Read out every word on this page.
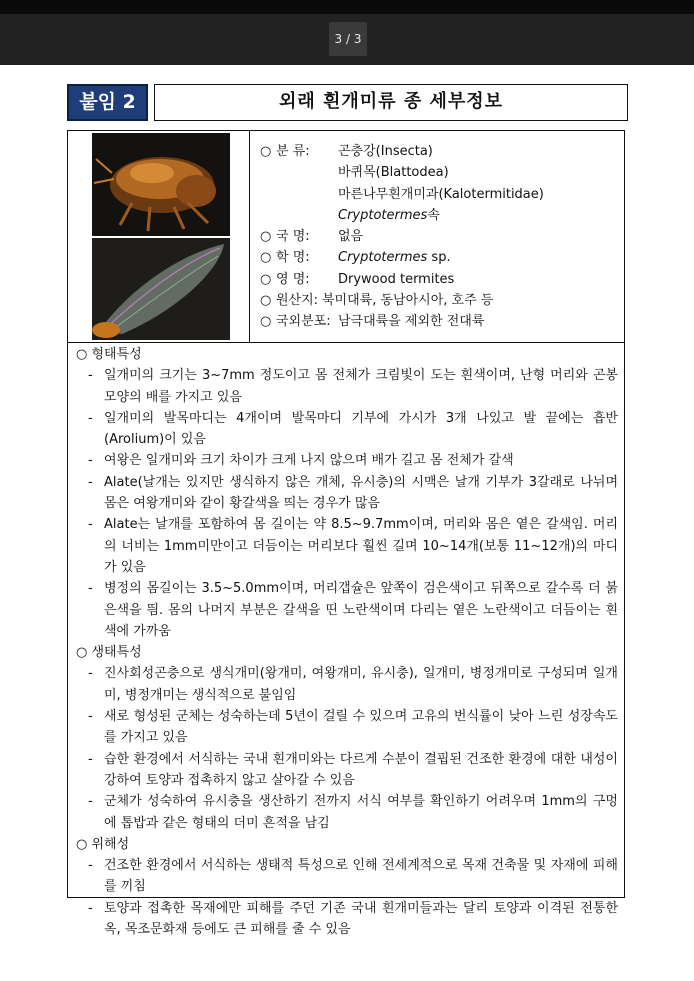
3 / 3
붙임 2	외래 흰개미류 종 세부정보
○ 분 류: 곤충강(Insecta)
바퀴목(Blattodea)
마른나무흰개미과(Kalotermitidae)
Cryptotermes속
○ 국 명: 없음
○ 학 명: Cryptotermes sp.
○ 영 명: Drywood termites
○ 원산지: 북미대륙, 동남아시아, 호주 등
○ 국외분포: 남극대륙을 제외한 전대륙
○ 형태특성
- 일개미의 크기는 3~7mm 정도이고 몸 전체가 크림빛이 도는 흰색이며, 난형 머리와 곤봉 모양의 배를 가지고 있음
- 일개미의 발목마디는 4개이며 발목마디 기부에 가시가 3개 나있고 발 끝에는 흡반(Arolium)이 있음
- 여왕은 일개미와 크기 차이가 크게 나지 않으며 배가 길고 몸 전체가 갈색
- Alate(날개는 있지만 생식하지 않은 개체, 유시충)의 시맥은 날개 기부가 3갈래로 나뉘며 몸은 여왕개미와 같이 황갈색을 띄는 경우가 많음
- Alate는 날개를 포함하여 몸 길이는 약 8.5~9.7mm이며, 머리와 몸은 옅은 갈색임. 머리의 너비는 1mm미만이고 더듬이는 머리보다 훨씬 길며 10~14개(보통 11~12개)의 마디가 있음
- 병정의 몸길이는 3.5~5.0mm이며, 머리갭슐은 앞쪽이 검은색이고 뒤쪽으로 갈수록 더 붉은색을 띔. 몸의 나머지 부분은 갈색을 띤 노란색이며 다리는 옅은 노란색이고 더듬이는 흰색에 가까움
○ 생태특성
- 진사회성곤충으로 생식개미(왕개미, 여왕개미, 유시충), 일개미, 병정개미로 구성되며 일개미, 병정개미는 생식적으로 불임임
- 새로 형성된 군체는 성숙하는데 5년이 걸릴 수 있으며 고유의 번식률이 낮아 느린 성장속도를 가지고 있음
- 습한 환경에서 서식하는 국내 흰개미와는 다르게 수분이 결핍된 건조한 환경에 대한 내성이 강하여 토양과 접촉하지 않고 살아갈 수 있음
- 군체가 성숙하여 유시충을 생산하기 전까지 서식 여부를 확인하기 어려우며 1mm의 구멍에 톱밥과 같은 형태의 더미 흔적을 남김
○ 위해성
- 건조한 환경에서 서식하는 생태적 특성으로 인해 전세계적으로 목재 건축물 및 자재에 피해를 끼침
- 토양과 접촉한 목재에만 피해를 주던 기존 국내 흰개미들과는 달리 토양과 이격된 전통한옥, 목조문화재 등에도 큰 피해를 줄 수 있음
